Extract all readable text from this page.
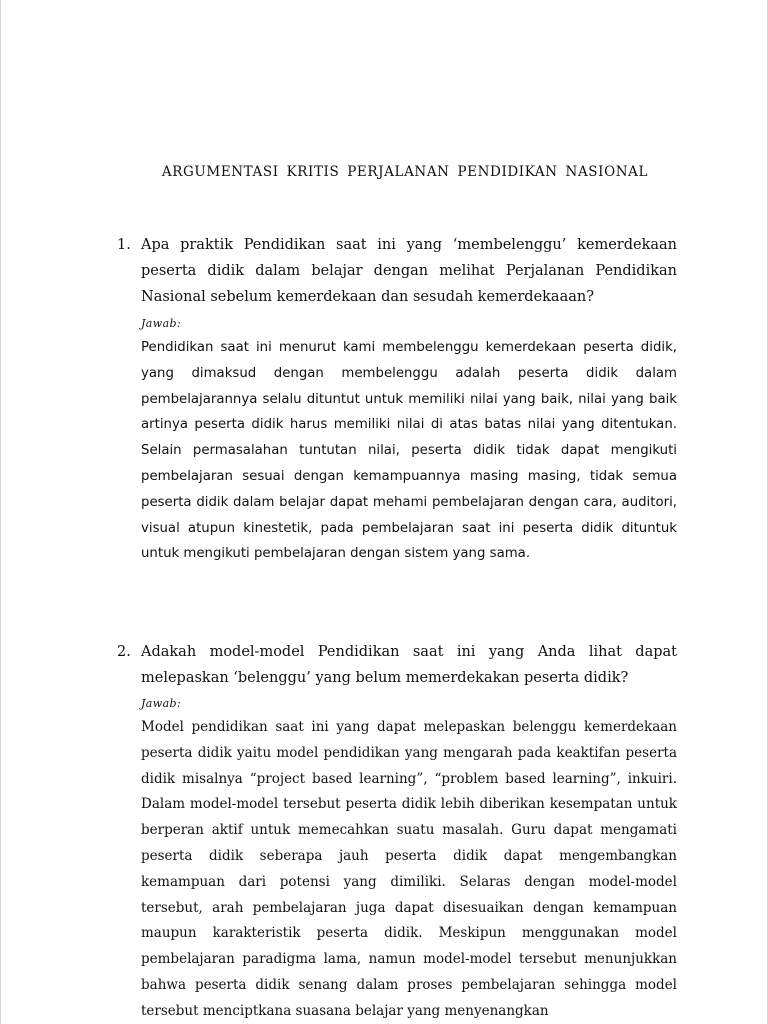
ARGUMENTASI KRITIS PERJALANAN PENDIDIKAN NASIONAL
1. Apa praktik Pendidikan saat ini yang ‘membelenggu’ kemerdekaan peserta didik dalam belajar dengan melihat Perjalanan Pendidikan Nasional sebelum kemerdekaan dan sesudah kemerdekaaan?
Jawab:
Pendidikan saat ini menurut kami membelenggu kemerdekaan peserta didik, yang dimaksud dengan membelenggu adalah peserta didik dalam pembelajarannya selalu dituntut untuk memiliki nilai yang baik, nilai yang baik artinya peserta didik harus memiliki nilai di atas batas nilai yang ditentukan. Selain permasalahan tuntutan nilai, peserta didik tidak dapat mengikuti pembelajaran sesuai dengan kemampuannya masing masing, tidak semua peserta didik dalam belajar dapat mehami pembelajaran dengan cara, auditori, visual atupun kinestetik, pada pembelajaran saat ini peserta didik dituntuk untuk mengikuti pembelajaran dengan sistem yang sama.
2. Adakah model-model Pendidikan saat ini yang Anda lihat dapat melepaskan ‘belenggu’ yang belum memerdekakan peserta didik?
Jawab:
Model pendidikan saat ini yang dapat melepaskan belenggu kemerdekaan peserta didik yaitu model pendidikan yang mengarah pada keaktifan peserta didik misalnya “project based learning”, “problem based learning”, inkuiri. Dalam model-model tersebut peserta didik lebih diberikan kesempatan untuk berperan aktif untuk memecahkan suatu masalah. Guru dapat mengamati peserta didik seberapa jauh peserta didik dapat mengembangkan kemampuan dari potensi yang dimiliki. Selaras dengan model-model tersebut, arah pembelajaran juga dapat disesuaikan dengan kemampuan maupun karakteristik peserta didik. Meskipun menggunakan model pembelajaran paradigma lama, namun model-model tersebut menunjukkan bahwa peserta didik senang dalam proses pembelajaran sehingga model tersebut menciptkana suasana belajar yang menyenangkan
